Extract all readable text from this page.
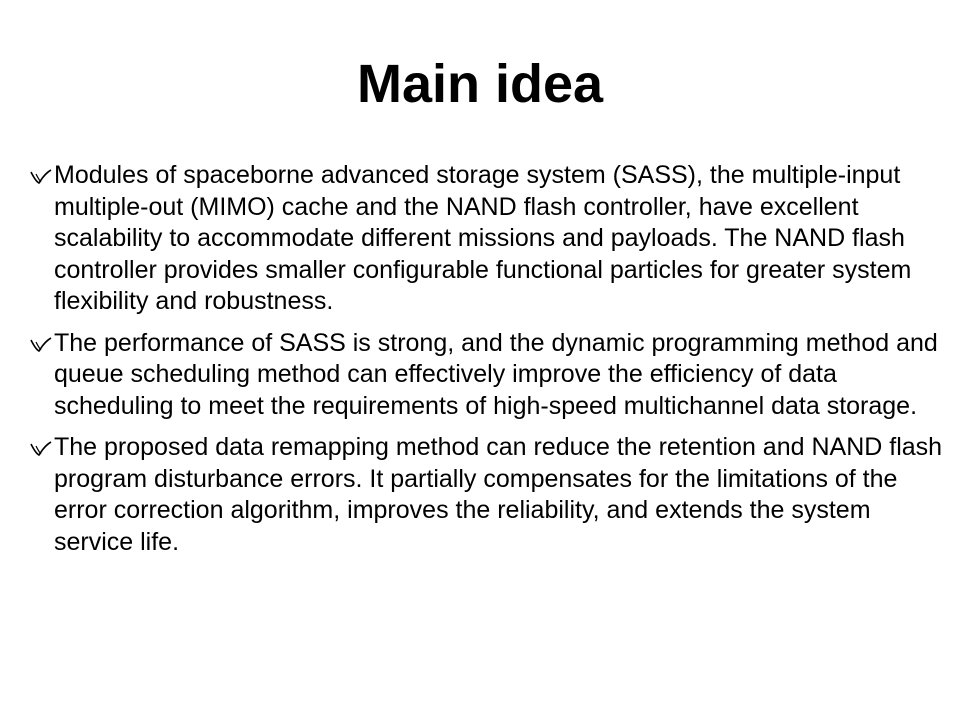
Main idea

Modules of spaceborne advanced storage system (SASS), the multiple-input multiple-out (MIMO) cache and the NAND flash controller, have excellent scalability to accommodate different missions and payloads. The NAND flash controller provides smaller configurable functional particles for greater system flexibility and robustness.
The performance of SASS is strong, and the dynamic programming method and queue scheduling method can effectively improve the efficiency of data scheduling to meet the requirements of high-speed multichannel data storage.
The proposed data remapping method can reduce the retention and NAND flash program disturbance errors. It partially compensates for the limitations of the error correction algorithm, improves the reliability, and extends the system service life.
